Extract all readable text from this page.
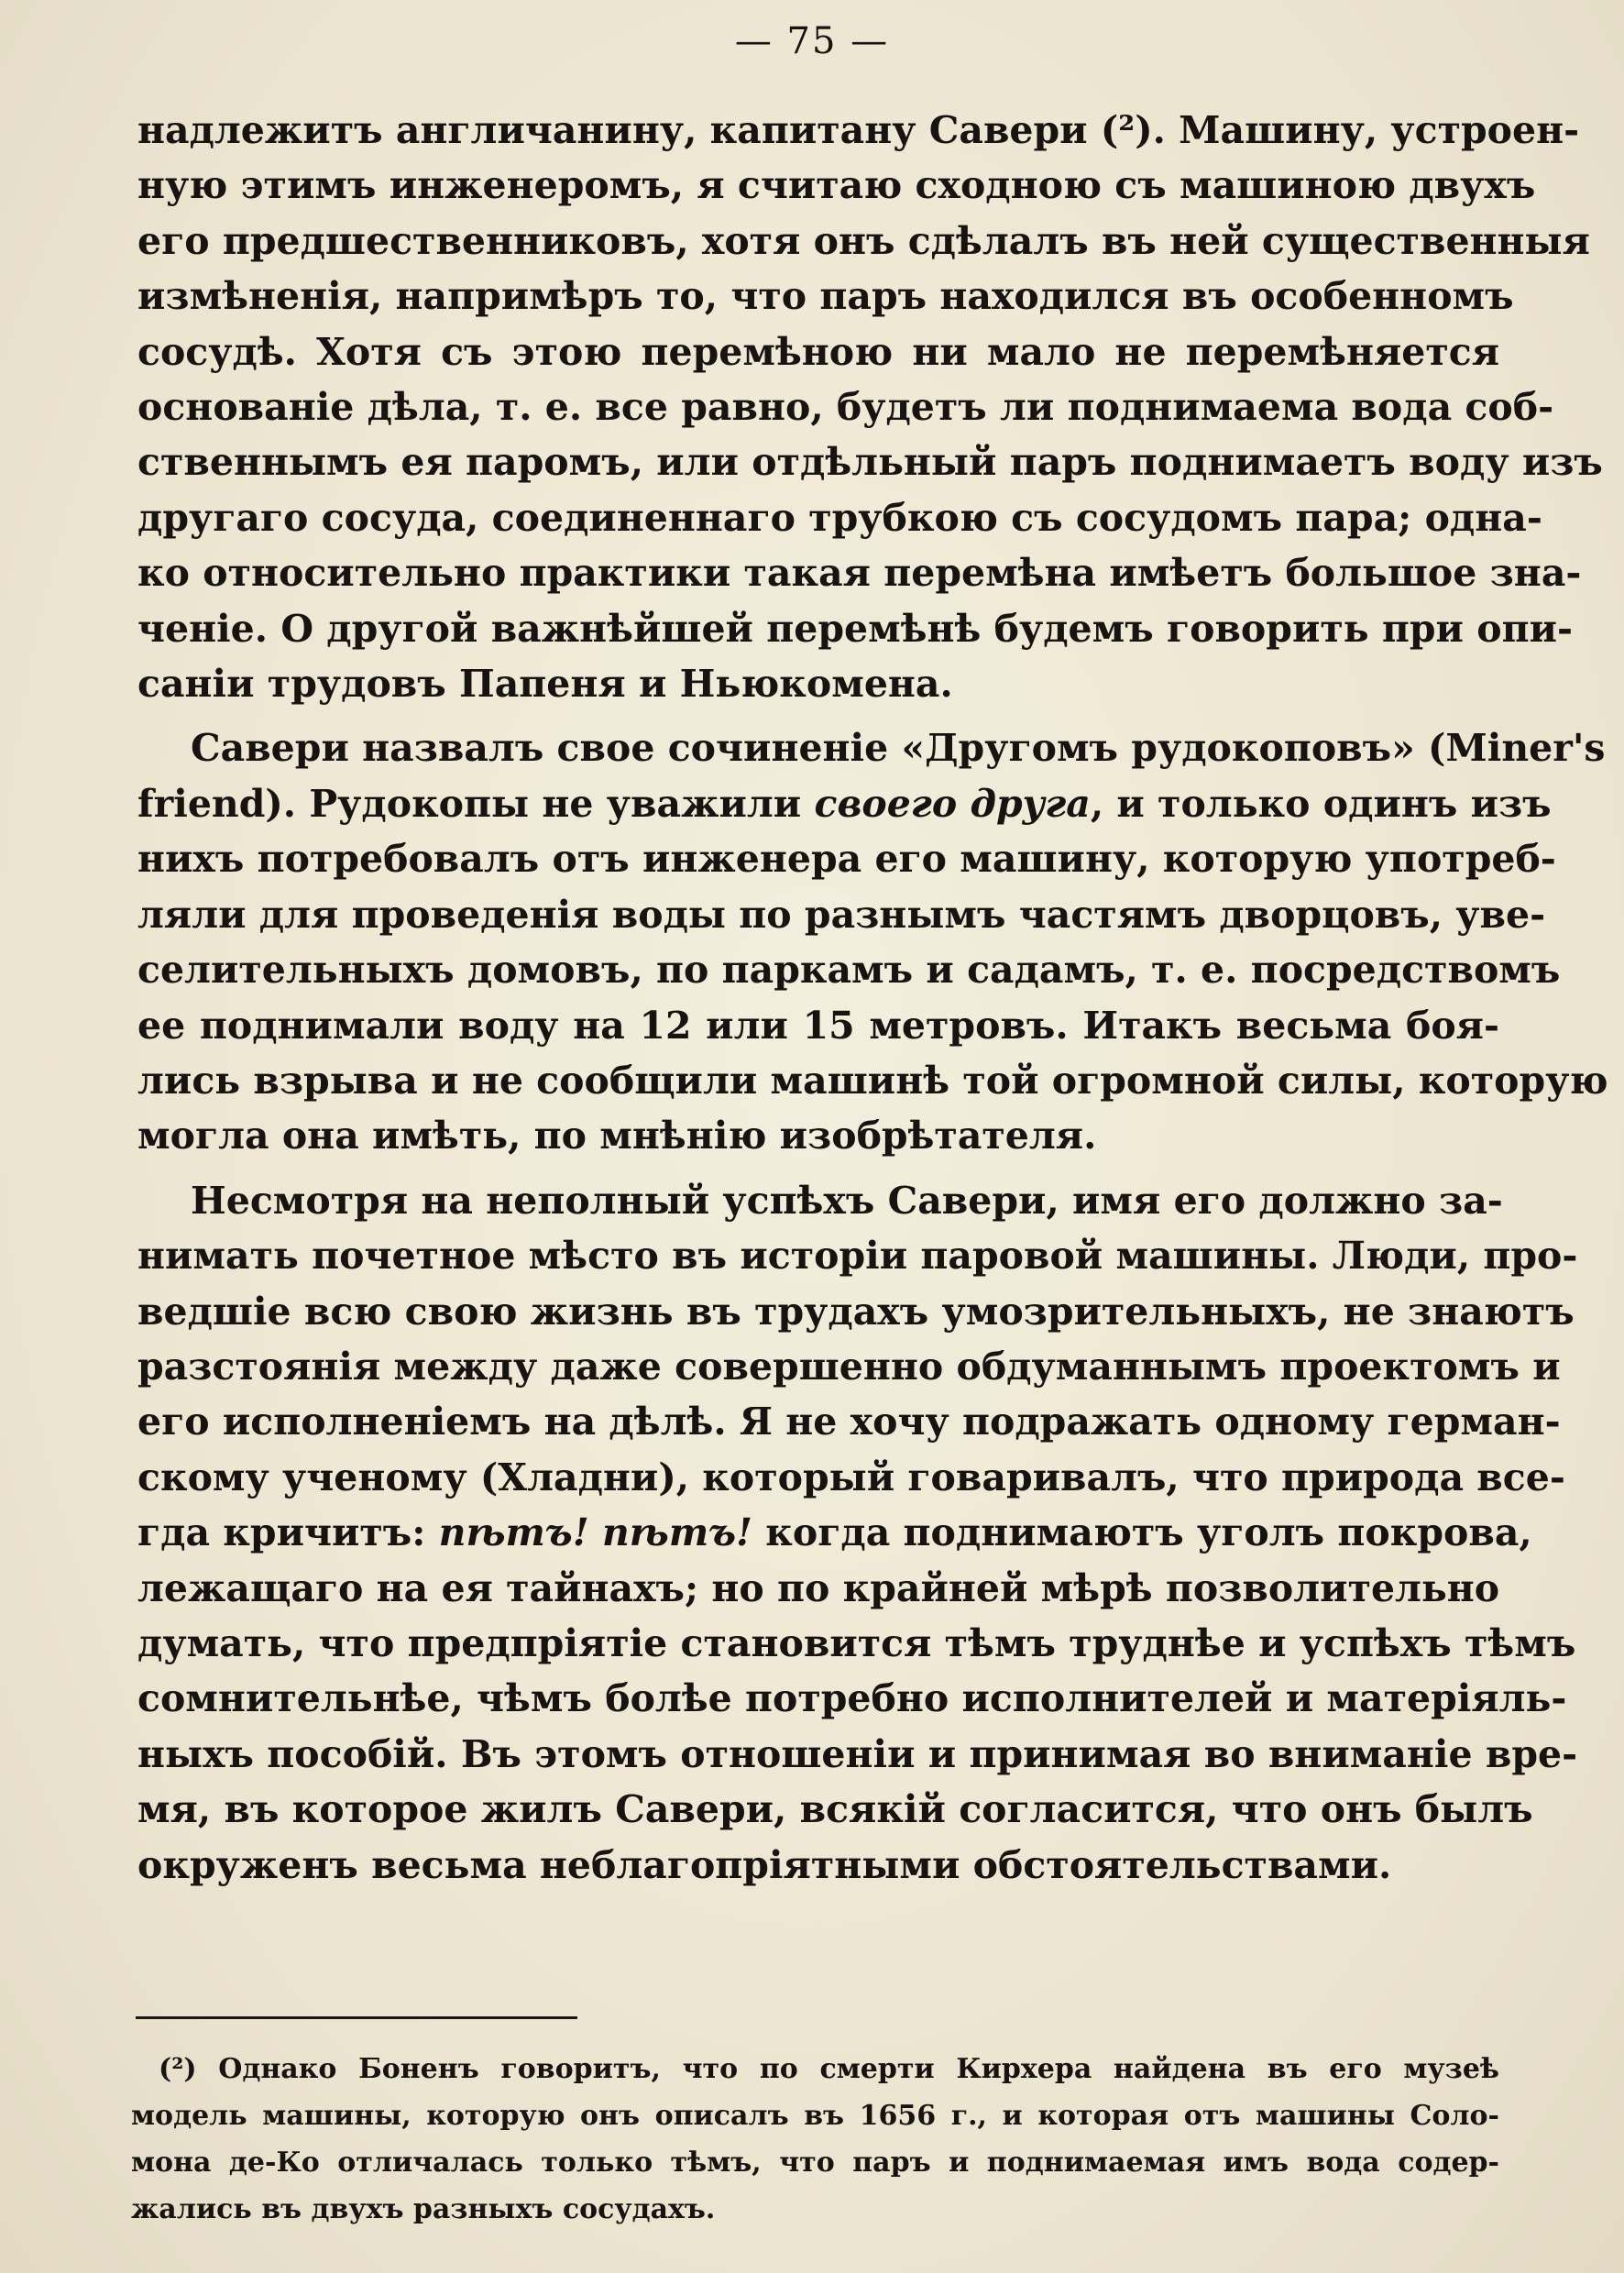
— 75 —

надлежитъ англичанину, капитану Савери (²). Машину, устроен-
ную этимъ инженеромъ, я считаю сходною съ машиною двухъ
его предшественниковъ, хотя онъ сдѣлалъ въ ней существенныя
измѣненія, напримѣръ то, что паръ находился въ особенномъ
сосудѣ. Хотя съ этою перемѣною ни мало не перемѣняется
основаніе дѣла, т. е. все равно, будетъ ли поднимаема вода соб-
ственнымъ ея паромъ, или отдѣльный паръ поднимаетъ воду изъ
другаго сосуда, соединеннаго трубкою съ сосудомъ пара; одна-
ко относительно практики такая перемѣна имѣетъ большое зна-
ченіе. О другой важнѣйшей перемѣнѣ будемъ говорить при опи-
саніи трудовъ Папеня и Ньюкомена.

Савери назвалъ свое сочиненіе «Другомъ рудокоповъ» (Miner's
friend). Рудокопы не уважили своего друга, и только одинъ изъ
нихъ потребовалъ отъ инженера его машину, которую употреб-
ляли для проведенія воды по разнымъ частямъ дворцовъ, уве-
селительныхъ домовъ, по паркамъ и садамъ, т. е. посредствомъ
ее поднимали воду на 12 или 15 метровъ. Итакъ весьма боя-
лись взрыва и не сообщили машинѣ той огромной силы, которую
могла она имѣть, по мнѣнію изобрѣтателя.

Несмотря на неполный успѣхъ Савери, имя его должно за-
нимать почетное мѣсто въ исторіи паровой машины. Люди, про-
ведшіе всю свою жизнь въ трудахъ умозрительныхъ, не знаютъ
разстоянія между даже совершенно обдуманнымъ проектомъ и
его исполненіемъ на дѣлѣ. Я не хочу подражать одному герман-
скому ученому (Хладни), который говаривалъ, что природа все-
гда кричитъ: пѣтъ! пѣтъ! когда поднимаютъ уголъ покрова,
лежащаго на ея тайнахъ; но по крайней мѣрѣ позволительно
думать, что предпріятіе становится тѣмъ труднѣе и успѣхъ тѣмъ
сомнительнѣе, чѣмъ болѣе потребно исполнителей и матеріяль-
ныхъ пособій. Въ этомъ отношеніи и принимая во вниманіе вре-
мя, въ которое жилъ Савери, всякій согласится, что онъ былъ
окруженъ весьма неблагопріятными обстоятельствами.

(²) Однако Боненъ говоритъ, что по смерти Кирхера найдена въ его музеѣ
модель машины, которую онъ описалъ въ 1656 г., и которая отъ машины Соло-
мона де-Ко отличалась только тѣмъ, что паръ и поднимаемая имъ вода содер-
жались въ двухъ разныхъ сосудахъ.
